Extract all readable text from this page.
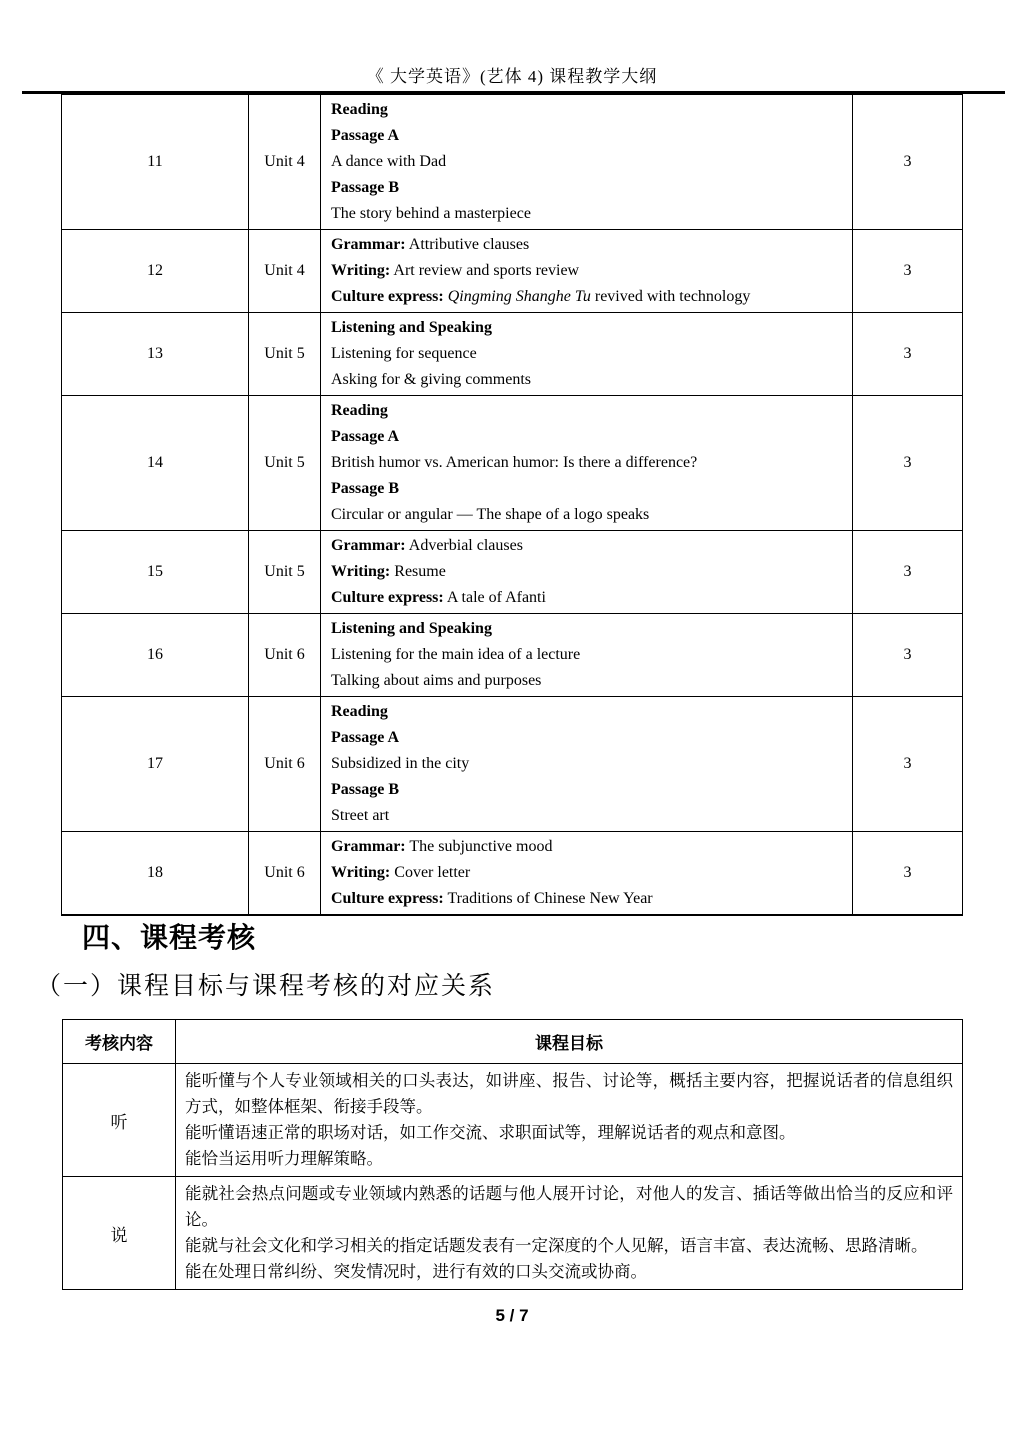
《 大学英语》(艺体 4) 课程教学大纲
11	Unit 4	Reading
Passage A
A dance with Dad
Passage B
The story behind a masterpiece	3
12	Unit 4	Grammar: Attributive clauses
Writing: Art review and sports review
Culture express: Qingming Shanghe Tu revived with technology	3
13	Unit 5	Listening and Speaking
Listening for sequence
Asking for & giving comments	3
14	Unit 5	Reading
Passage A
British humor vs. American humor: Is there a difference?
Passage B
Circular or angular — The shape of a logo speaks	3
15	Unit 5	Grammar: Adverbial clauses
Writing: Resume
Culture express: A tale of Afanti	3
16	Unit 6	Listening and Speaking
Listening for the main idea of a lecture
Talking about aims and purposes	3
17	Unit 6	Reading
Passage A
Subsidized in the city
Passage B
Street art	3
18	Unit 6	Grammar: The subjunctive mood
Writing: Cover letter
Culture express: Traditions of Chinese New Year	3
四、课程考核
（一）课程目标与课程考核的对应关系
考核内容	课程目标
听	能听懂与个人专业领域相关的口头表达，如讲座、报告、讨论等，概括主要内容，把握说话者的信息组织方式，如整体框架、衔接手段等。
能听懂语速正常的职场对话，如工作交流、求职面试等，理解说话者的观点和意图。
能恰当运用听力理解策略。

说	能就社会热点问题或专业领域内熟悉的话题与他人展开讨论，对他人的发言、插话等做出恰当的反应和评论。
能就与社会文化和学习相关的指定话题发表有一定深度的个人见解，语言丰富、表达流畅、思路清晰。
能在处理日常纠纷、突发情况时，进行有效的口头交流或协商。
5 / 7
